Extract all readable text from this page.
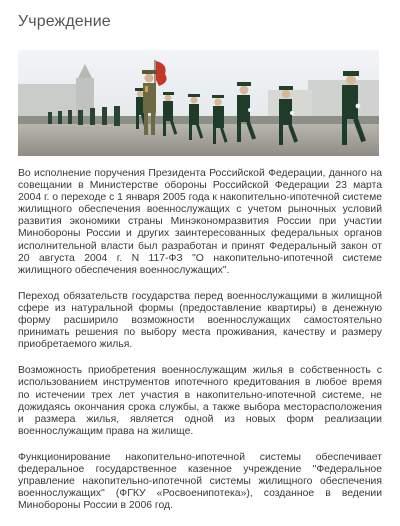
Учреждение

Во исполнение поручения Президента Российской Федерации, данного на совещании в Министерстве обороны Российской Федерации 23 марта 2004 г. о переходе с 1 января 2005 года к накопительно-ипотечной системе жилищного обеспечения военнослужащих с учетом рыночных условий развития экономики страны Минэкономразвития России при участии Минобороны России и других заинтересованных федеральных органов исполнительной власти был разработан и принят Федеральный закон от 20 августа 2004 г. N 117-ФЗ "О накопительно-ипотечной системе жилищного обеспечения военнослужащих".

Переход обязательств государства перед военнослужащими в жилищной сфере из натуральной формы (предоставление квартиры) в денежную форму расширило возможности военнослужащих самостоятельно принимать решения по выбору места проживания, качеству и размеру приобретаемого жилья.

Возможность приобретения военнослужащим жилья в собственность с использованием инструментов ипотечного кредитования в любое время по истечении трех лет участия в накопительно-ипотечной системе, не дожидаясь окончания срока службы, а также выбора месторасположения и размера жилья, является одной из новых форм реализации военнослужащим права на жилище.

Функционирование накопительно-ипотечной системы обеспечивает федеральное государственное казенное учреждение "Федеральное управление накопительно-ипотечной системы жилищного обеспечения военнослужащих" (ФГКУ «Росвоенипотека»), созданное в ведении Минобороны России в 2006 год.
